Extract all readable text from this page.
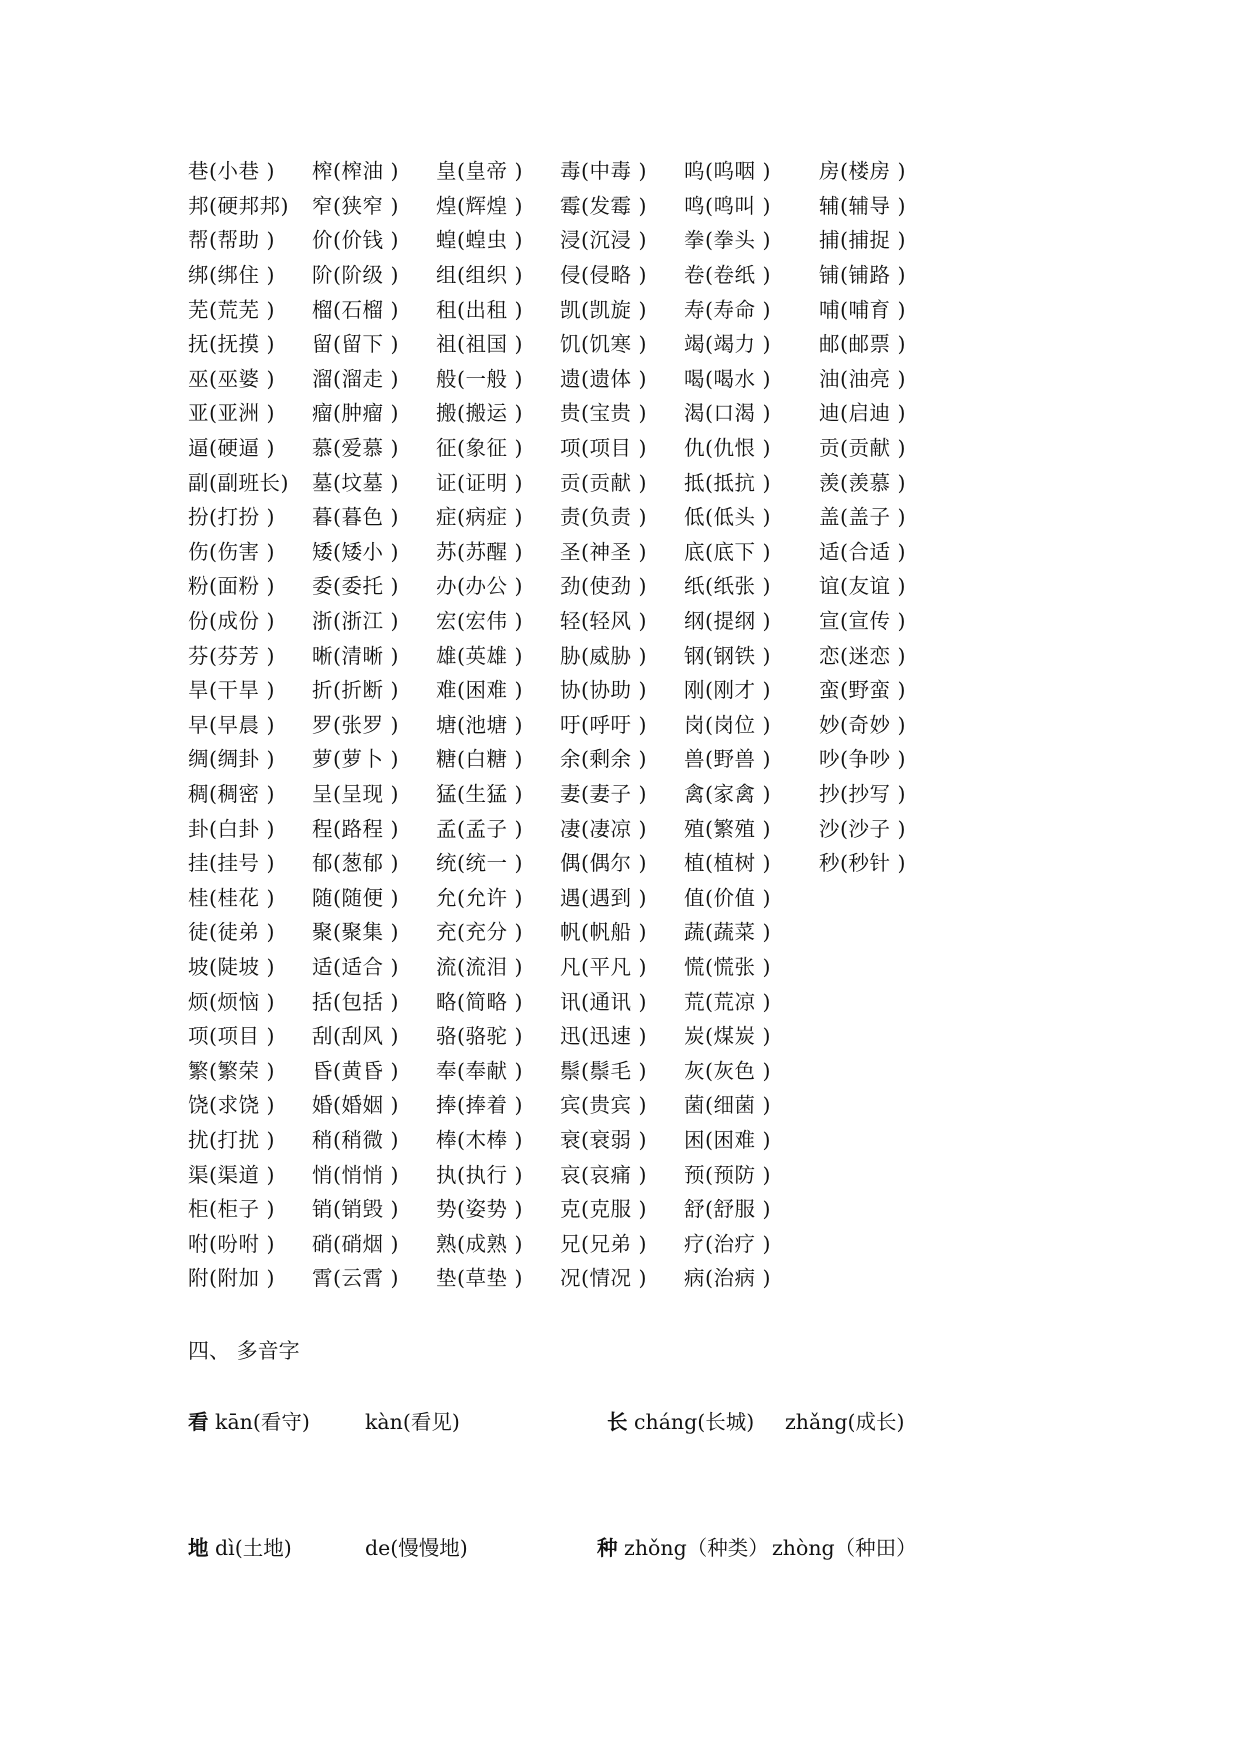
巷(小巷 )	榨(榨油 )	皇(皇帝 )	毒(中毒 )	呜(呜咽 )	房(楼房 )
邦(硬邦邦)	窄(狭窄 )	煌(辉煌 )	霉(发霉 )	鸣(鸣叫 )	辅(辅导 )
帮(帮助 )	价(价钱 )	蝗(蝗虫 )	浸(沉浸 )	拳(拳头 )	捕(捕捉 )
绑(绑住 )	阶(阶级 )	组(组织 )	侵(侵略 )	卷(卷纸 )	铺(铺路 )
芜(荒芜 )	榴(石榴 )	租(出租 )	凯(凯旋 )	寿(寿命 )	哺(哺育 )
抚(抚摸 )	留(留下 )	祖(祖国 )	饥(饥寒 )	竭(竭力 )	邮(邮票 )
巫(巫婆 )	溜(溜走 )	般(一般 )	遗(遗体 )	喝(喝水 )	油(油亮 )
亚(亚洲 )	瘤(肿瘤 )	搬(搬运 )	贵(宝贵 )	渴(口渴 )	迪(启迪 )
逼(硬逼 )	慕(爱慕 )	征(象征 )	项(项目 )	仇(仇恨 )	贡(贡献 )
副(副班长)	墓(坟墓 )	证(证明 )	贡(贡献 )	抵(抵抗 )	羡(羡慕 )
扮(打扮 )	暮(暮色 )	症(病症 )	责(负责 )	低(低头 )	盖(盖子 )
伤(伤害 )	矮(矮小 )	苏(苏醒 )	圣(神圣 )	底(底下 )	适(合适 )
粉(面粉 )	委(委托 )	办(办公 )	劲(使劲 )	纸(纸张 )	谊(友谊 )
份(成份 )	浙(浙江 )	宏(宏伟 )	轻(轻风 )	纲(提纲 )	宣(宣传 )
芬(芬芳 )	晰(清晰 )	雄(英雄 )	胁(威胁 )	钢(钢铁 )	恋(迷恋 )
旱(干旱 )	折(折断 )	难(困难 )	协(协助 )	刚(刚才 )	蛮(野蛮 )
早(早晨 )	罗(张罗 )	塘(池塘 )	吁(呼吁 )	岗(岗位 )	妙(奇妙 )
绸(绸卦 )	萝(萝卜 )	糖(白糖 )	余(剩余 )	兽(野兽 )	吵(争吵 )
稠(稠密 )	呈(呈现 )	猛(生猛 )	妻(妻子 )	禽(家禽 )	抄(抄写 )
卦(白卦 )	程(路程 )	孟(孟子 )	凄(凄凉 )	殖(繁殖 )	沙(沙子 )
挂(挂号 )	郁(葱郁 )	统(统一 )	偶(偶尔 )	植(植树 )	秒(秒针 )
桂(桂花 )	随(随便 )	允(允许 )	遇(遇到 )	值(价值 )
徒(徒弟 )	聚(聚集 )	充(充分 )	帆(帆船 )	蔬(蔬菜 )
坡(陡坡 )	适(适合 )	流(流泪 )	凡(平凡 )	慌(慌张 )
烦(烦恼 )	括(包括 )	略(简略 )	讯(通讯 )	荒(荒凉 )
项(项目 )	刮(刮风 )	骆(骆驼 )	迅(迅速 )	炭(煤炭 )
繁(繁荣 )	昏(黄昏 )	奉(奉献 )	鬃(鬃毛 )	灰(灰色 )
饶(求饶 )	婚(婚姻 )	捧(捧着 )	宾(贵宾 )	菌(细菌 )
扰(打扰 )	稍(稍微 )	棒(木棒 )	衰(衰弱 )	困(困难 )
渠(渠道 )	悄(悄悄 )	执(执行 )	哀(哀痛 )	预(预防 )
柜(柜子 )	销(销毁 )	势(姿势 )	克(克服 )	舒(舒服 )
咐(吩咐 )	硝(硝烟 )	熟(成熟 )	兄(兄弟 )	疗(治疗 )
附(附加 )	霄(云霄 )	垫(草垫 )	况(情况 )	病(治病 )
四、 多音字
看 kān(看守)	kàn(看见)	长 cháng(长城) zhǎng(成长)
地 dì(土地)	de(慢慢地)	种 zhǒng（种类） zhòng（种田）
